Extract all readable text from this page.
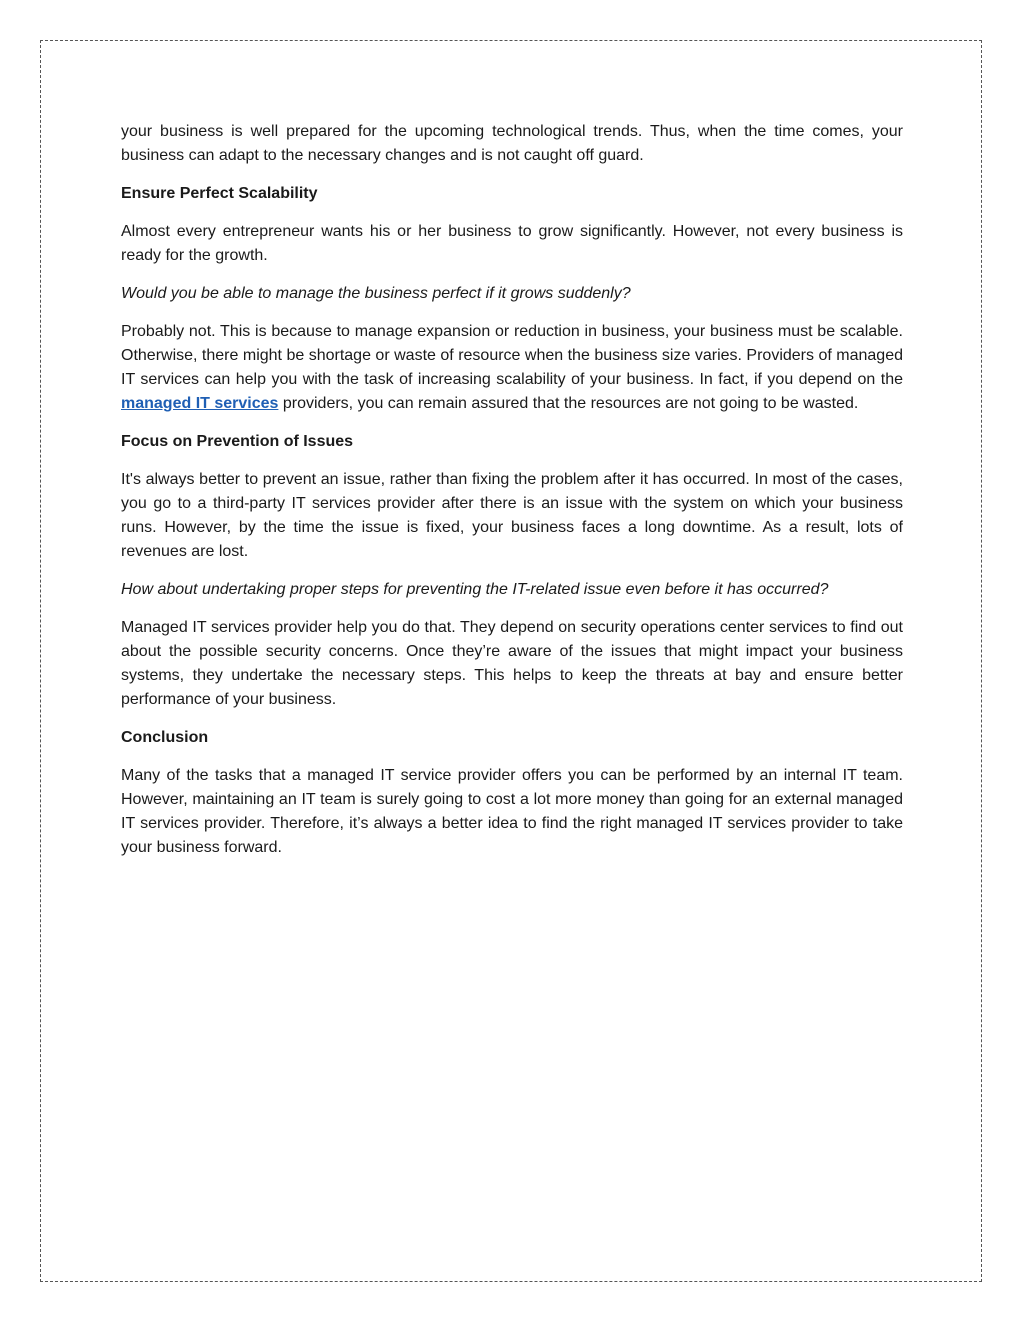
your business is well prepared for the upcoming technological trends. Thus, when the time comes, your business can adapt to the necessary changes and is not caught off guard.

Ensure Perfect Scalability

Almost every entrepreneur wants his or her business to grow significantly. However, not every business is ready for the growth.

Would you be able to manage the business perfect if it grows suddenly?

Probably not. This is because to manage expansion or reduction in business, your business must be scalable. Otherwise, there might be shortage or waste of resource when the business size varies. Providers of managed IT services can help you with the task of increasing scalability of your business. In fact, if you depend on the managed IT services providers, you can remain assured that the resources are not going to be wasted.

Focus on Prevention of Issues

It's always better to prevent an issue, rather than fixing the problem after it has occurred. In most of the cases, you go to a third-party IT services provider after there is an issue with the system on which your business runs. However, by the time the issue is fixed, your business faces a long downtime. As a result, lots of revenues are lost.

How about undertaking proper steps for preventing the IT-related issue even before it has occurred?

Managed IT services provider help you do that. They depend on security operations center services to find out about the possible security concerns. Once they’re aware of the issues that might impact your business systems, they undertake the necessary steps. This helps to keep the threats at bay and ensure better performance of your business.

Conclusion

Many of the tasks that a managed IT service provider offers you can be performed by an internal IT team. However, maintaining an IT team is surely going to cost a lot more money than going for an external managed IT services provider. Therefore, it’s always a better idea to find the right managed IT services provider to take your business forward.
